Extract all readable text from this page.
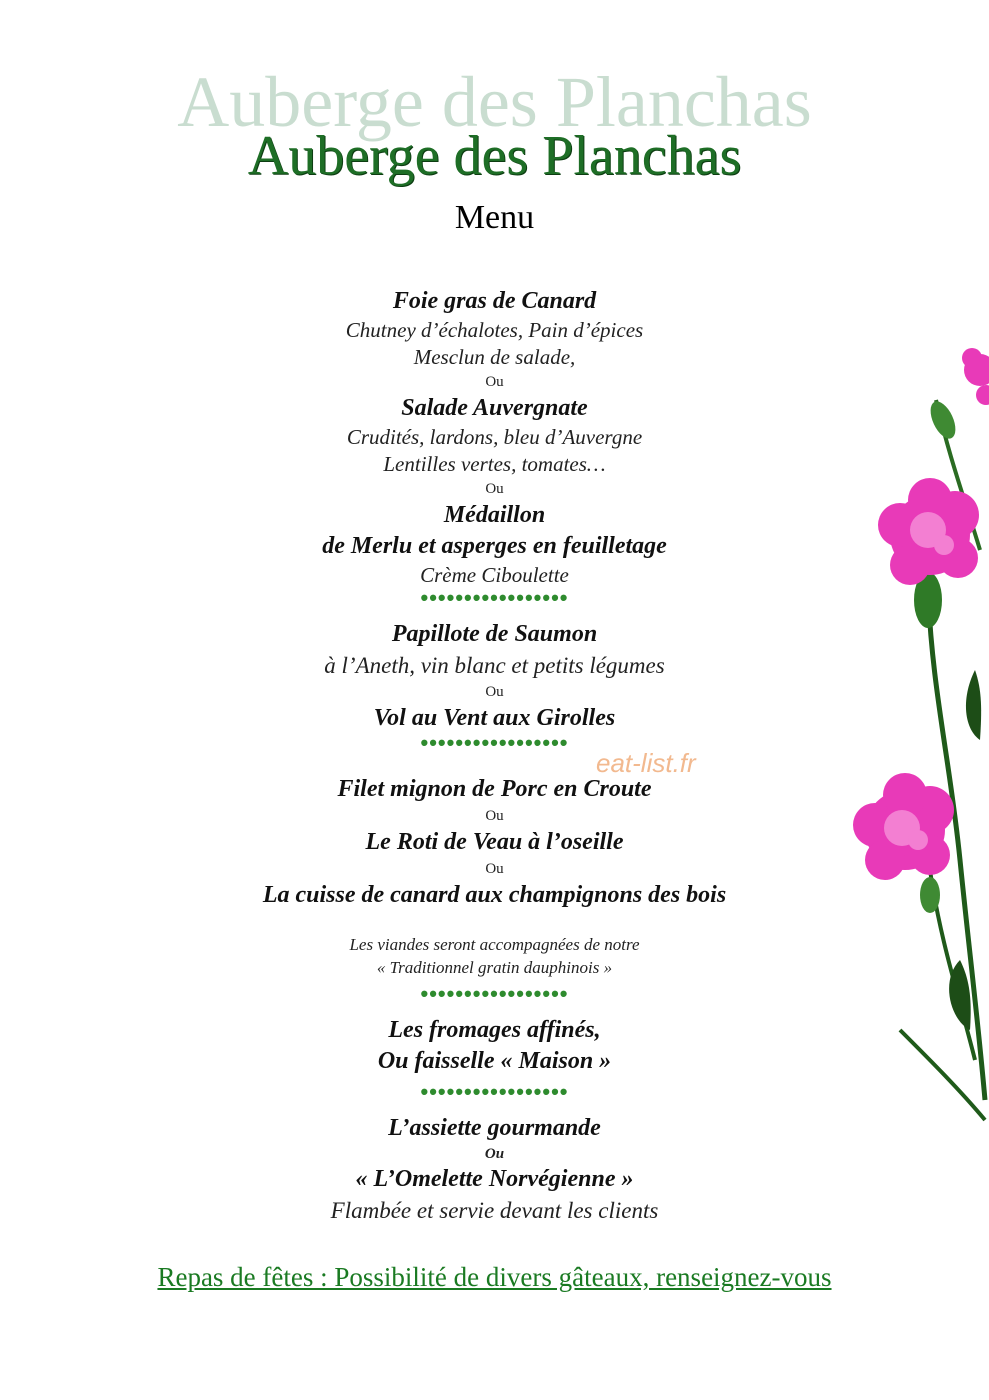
Auberge des Planchas
Auberge des Planchas
Menu
Foie gras de Canard
Chutney d’échalotes, Pain d’épices
Mesclun de salade,
Ou
Salade Auvergnate
Crudités, lardons, bleu d’Auvergne
Lentilles vertes, tomates…
Ou
Médaillon
de Merlu et asperges en feuilletage
Crème Ciboulette
•••••••••••••••••
Papillote de Saumon
à l’Aneth, vin blanc et petits légumes
Ou
Vol au Vent aux Girolles
•••••••••••••••••
Filet mignon de Porc en Croute
Ou
Le Roti de Veau à l’oseille
Ou
La cuisse de canard aux champignons des bois
Les viandes seront accompagnées de notre
« Traditionnel gratin dauphinois »
•••••••••••••••••
Les fromages affinés,
Ou faisselle « Maison »
•••••••••••••••••
L’assiette gourmande
Ou
« L’Omelette Norvégienne »
Flambée et servie devant les clients
eat-list.fr
Repas de fêtes : Possibilité de divers gâteaux, renseignez-vous
